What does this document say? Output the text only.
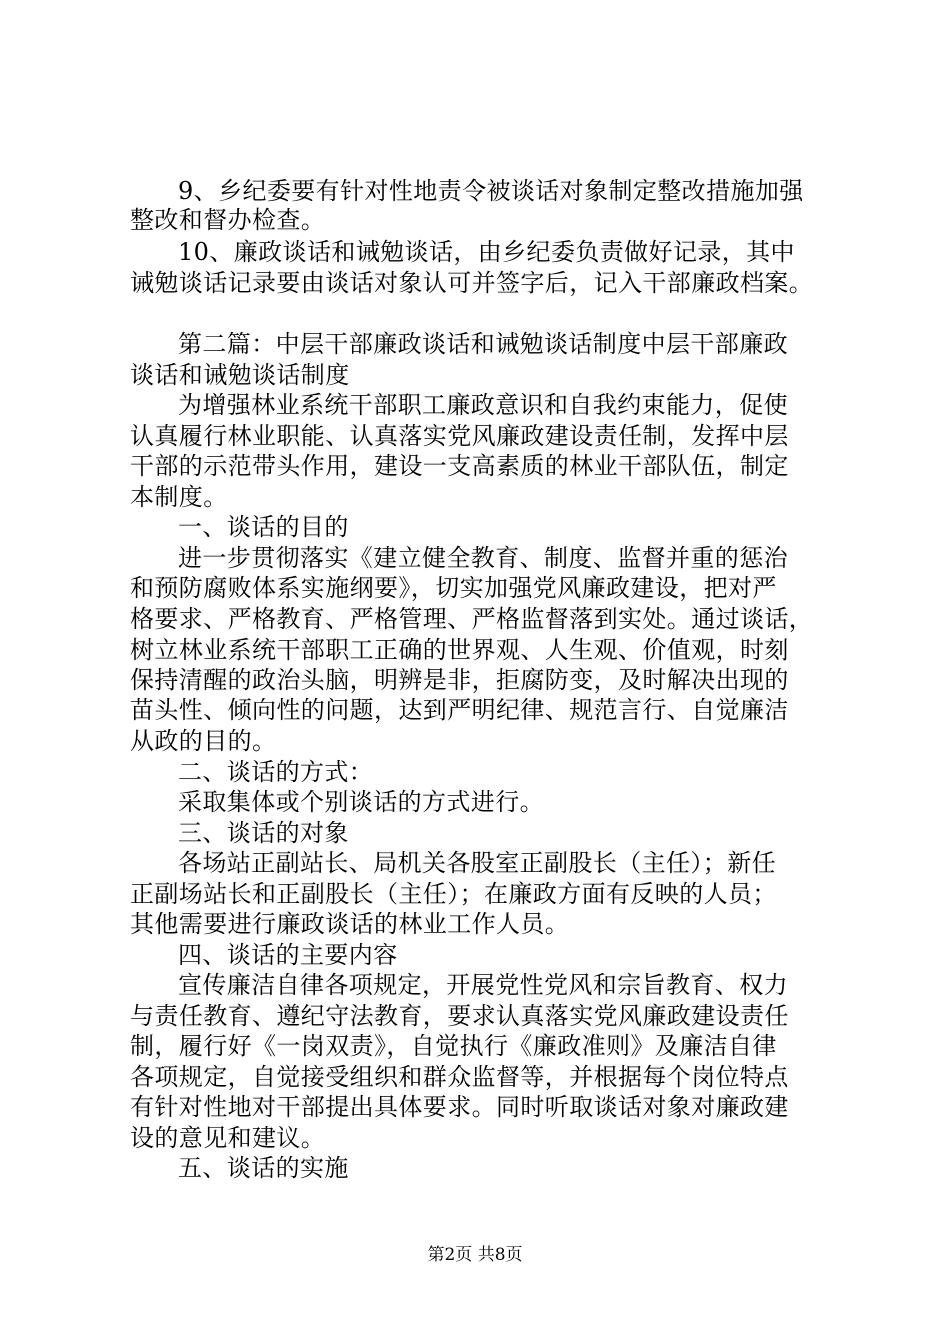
9、乡纪委要有针对性地责令被谈话对象制定整改措施加强
整改和督办检查。
10、廉政谈话和诫勉谈话，由乡纪委负责做好记录，其中
诫勉谈话记录要由谈话对象认可并签字后，记入干部廉政档案。
第二篇：中层干部廉政谈话和诫勉谈话制度中层干部廉政
谈话和诫勉谈话制度
为增强林业系统干部职工廉政意识和自我约束能力，促使
认真履行林业职能、认真落实党风廉政建设责任制，发挥中层
干部的示范带头作用，建设一支高素质的林业干部队伍，制定
本制度。
一、谈话的目的
进一步贯彻落实《建立健全教育、制度、监督并重的惩治
和预防腐败体系实施纲要》，切实加强党风廉政建设，把对严
格要求、严格教育、严格管理、严格监督落到实处。通过谈话，
树立林业系统干部职工正确的世界观、人生观、价值观，时刻
保持清醒的政治头脑，明辨是非，拒腐防变，及时解决出现的
苗头性、倾向性的问题，达到严明纪律、规范言行、自觉廉洁
从政的目的。
二、谈话的方式：
采取集体或个别谈话的方式进行。
三、谈话的对象
各场站正副站长、局机关各股室正副股长（主任）；新任
正副场站长和正副股长（主任）；在廉政方面有反映的人员；
其他需要进行廉政谈话的林业工作人员。
四、谈话的主要内容
宣传廉洁自律各项规定，开展党性党风和宗旨教育、权力
与责任教育、遵纪守法教育，要求认真落实党风廉政建设责任
制，履行好《一岗双责》，自觉执行《廉政准则》及廉洁自律
各项规定，自觉接受组织和群众监督等，并根据每个岗位特点
有针对性地对干部提出具体要求。同时听取谈话对象对廉政建
设的意见和建议。
五、谈话的实施
第2页 共8页
